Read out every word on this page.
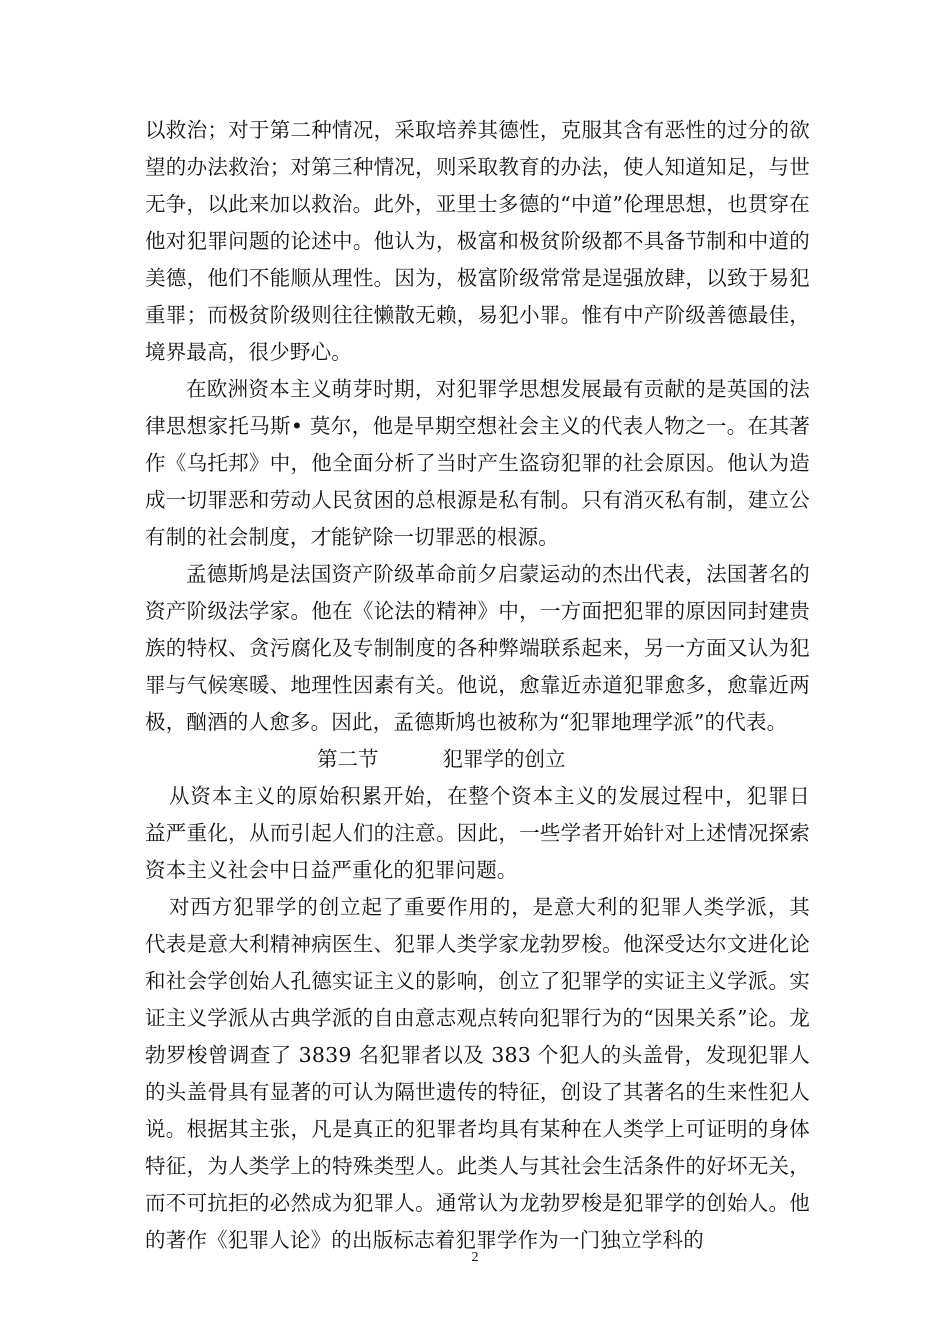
以救治；对于第二种情况，采取培养其德性，克服其含有恶性的过分的欲望的办法救治；对第三种情况，则采取教育的办法，使人知道知足，与世无争，以此来加以救治。此外，亚里士多德的“中道”伦理思想，也贯穿在他对犯罪问题的论述中。他认为，极富和极贫阶级都不具备节制和中道的美德，他们不能顺从理性。因为，极富阶级常常是逞强放肆，以致于易犯重罪；而极贫阶级则往往懒散无赖，易犯小罪。惟有中产阶级善德最佳，境界最高，很少野心。

在欧洲资本主义萌芽时期，对犯罪学思想发展最有贡献的是英国的法律思想家托马斯• 莫尔，他是早期空想社会主义的代表人物之一。在其著作《乌托邦》中，他全面分析了当时产生盗窃犯罪的社会原因。他认为造成一切罪恶和劳动人民贫困的总根源是私有制。只有消灭私有制，建立公有制的社会制度，才能铲除一切罪恶的根源。

孟德斯鸠是法国资产阶级革命前夕启蒙运动的杰出代表，法国著名的资产阶级法学家。他在《论法的精神》中，一方面把犯罪的原因同封建贵族的特权、贪污腐化及专制制度的各种弊端联系起来，另一方面又认为犯罪与气候寒暖、地理性因素有关。他说，愈靠近赤道犯罪愈多，愈靠近两极，酗酒的人愈多。因此，孟德斯鸠也被称为“犯罪地理学派”的代表。

第二节	犯罪学的创立

从资本主义的原始积累开始，在整个资本主义的发展过程中，犯罪日益严重化，从而引起人们的注意。因此，一些学者开始针对上述情况探索资本主义社会中日益严重化的犯罪问题。

对西方犯罪学的创立起了重要作用的，是意大利的犯罪人类学派，其代表是意大利精神病医生、犯罪人类学家龙勃罗梭。他深受达尔文进化论和社会学创始人孔德实证主义的影响，创立了犯罪学的实证主义学派。实证主义学派从古典学派的自由意志观点转向犯罪行为的“因果关系”论。龙勃罗梭曾调查了 3839 名犯罪者以及 383 个犯人的头盖骨，发现犯罪人的头盖骨具有显著的可认为隔世遗传的特征，创设了其著名的生来性犯人说。根据其主张，凡是真正的犯罪者均具有某种在人类学上可证明的身体特征，为人类学上的特殊类型人。此类人与其社会生活条件的好坏无关，而不可抗拒的必然成为犯罪人。通常认为龙勃罗梭是犯罪学的创始人。他的著作《犯罪人论》的出版标志着犯罪学作为一门独立学科的

2
